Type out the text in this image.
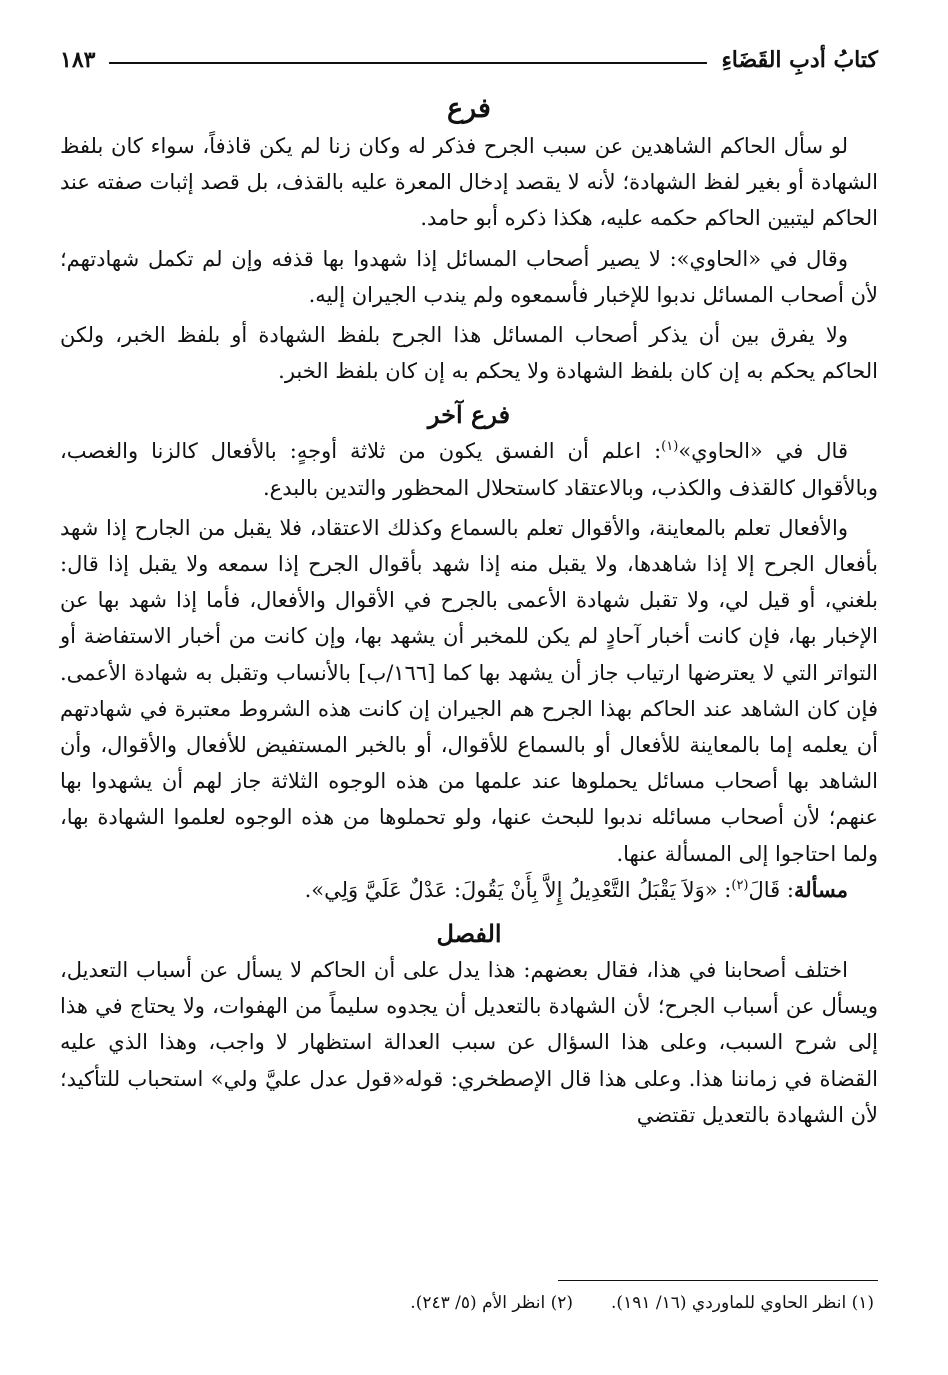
كتابُ أدبِ القَضَاءِ
١٨٣
فرع

لو سأل الحاكم الشاهدين عن سبب الجرح فذكر له وكان زنا لم يكن قاذفاً، سواء كان بلفظ الشهادة أو بغير لفظ الشهادة؛ لأنه لا يقصد إدخال المعرة عليه بالقذف، بل قصد إثبات صفته عند الحاكم ليتبين الحاكم حكمه عليه، هكذا ذكره أبو حامد.

وقال في «الحاوي»: لا يصير أصحاب المسائل إذا شهدوا بها قذفه وإن لم تكمل شهادتهم؛ لأن أصحاب المسائل ندبوا للإخبار فأسمعوه ولم يندب الجيران إليه.

ولا يفرق بين أن يذكر أصحاب المسائل هذا الجرح بلفظ الشهادة أو بلفظ الخبر، ولكن الحاكم يحكم به إن كان بلفظ الشهادة ولا يحكم به إن كان بلفظ الخبر.

فرع آخر

قال في «الحاوي»$^{(١)}$: اعلم أن الفسق يكون من ثلاثة أوجهٍ: بالأفعال كالزنا والغصب، وبالأقوال كالقذف والكذب، وبالاعتقاد كاستحلال المحظور والتدين بالبدع.

والأفعال تعلم بالمعاينة، والأقوال تعلم بالسماع وكذلك الاعتقاد، فلا يقبل من الجارح إذا شهد بأفعال الجرح إلا إذا شاهدها، ولا يقبل منه إذا شهد بأقوال الجرح إذا سمعه ولا يقبل إذا قال: بلغني، أو قيل لي، ولا تقبل شهادة الأعمى بالجرح في الأقوال والأفعال، فأما إذا شهد بها عن الإخبار بها، فإن كانت أخبار آحادٍ لم يكن للمخبر أن يشهد بها، وإن كانت من أخبار الاستفاضة أو التواتر التي لا يعترضها ارتياب جاز أن يشهد بها كما [١٦٦/ب] بالأنساب وتقبل به شهادة الأعمى. فإن كان الشاهد عند الحاكم بهذا الجرح هم الجيران إن كانت هذه الشروط معتبرة في شهادتهم أن يعلمه إما بالمعاينة للأفعال أو بالسماع للأقوال، أو بالخبر المستفيض للأفعال والأقوال، وأن الشاهد بها أصحاب مسائل يحملوها عند علمها من هذه الوجوه الثلاثة جاز لهم أن يشهدوا بها عنهم؛ لأن أصحاب مسائله ندبوا للبحث عنها، ولو تحملوها من هذه الوجوه لعلموا الشهادة بها، ولما احتاجوا إلى المسألة عنها.

مسألة: قَالَ$^{(٢)}$: «وَلاَ يَقْبَلُ التَّعْدِيلُ إِلاَّ بِأَنْ يَقُولَ: عَدْلٌ عَلَيَّ وَلِي».

الفصل

اختلف أصحابنا في هذا، فقال بعضهم: هذا يدل على أن الحاكم لا يسأل عن أسباب التعديل، ويسأل عن أسباب الجرح؛ لأن الشهادة بالتعديل أن يجدوه سليماً من الهفوات، ولا يحتاج في هذا إلى شرح السبب، وعلى هذا السؤال عن سبب العدالة استظهار لا واجب، وهذا الذي عليه القضاة في زماننا هذا. وعلى هذا قال الإصطخري: قوله«قول عدل عليَّ ولي» استحباب للتأكيد؛ لأن الشهادة بالتعديل تقتضي

(١) انظر الحاوي للماوردي (١٦/ ١٩١).
(٢) انظر الأم (٥/ ٢٤٣).
